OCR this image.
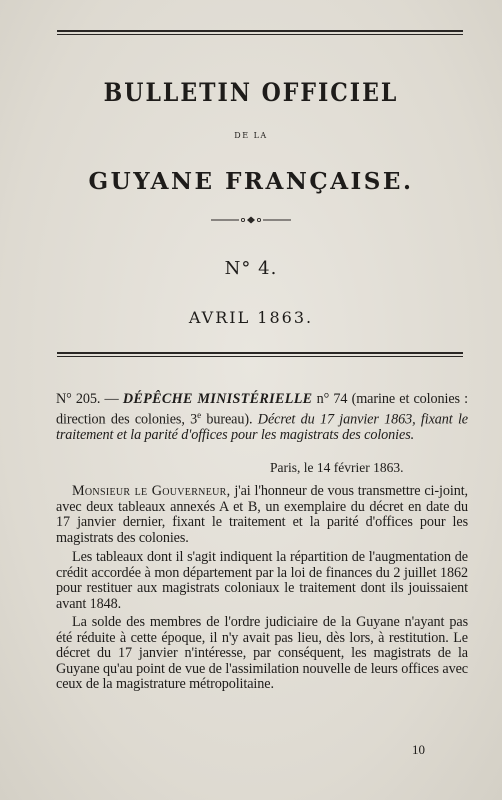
BULLETIN OFFICIEL
DE LA
GUYANE FRANÇAISE.
N° 4.
AVRIL 1863.
N° 205. — DÉPÊCHE MINISTÉRIELLE n° 74 (marine et colonies : direction des colonies, 3e bureau). Décret du 17 janvier 1863, fixant le traitement et la parité d'offices pour les magistrats des colonies.
Paris, le 14 février 1863.
Monsieur le Gouverneur, j'ai l'honneur de vous transmettre ci-joint, avec deux tableaux annexés A et B, un exemplaire du décret en date du 17 janvier dernier, fixant le traitement et la parité d'offices pour les magistrats des colonies.
Les tableaux dont il s'agit indiquent la répartition de l'augmentation de crédit accordée à mon département par la loi de finances du 2 juillet 1862 pour restituer aux magistrats coloniaux le traitement dont ils jouissaient avant 1848.
La solde des membres de l'ordre judiciaire de la Guyane n'ayant pas été réduite à cette époque, il n'y avait pas lieu, dès lors, à restitution. Le décret du 17 janvier n'intéresse, par conséquent, les magistrats de la Guyane qu'au point de vue de l'assimilation nouvelle de leurs offices avec ceux de la magistrature métropolitaine.
10
